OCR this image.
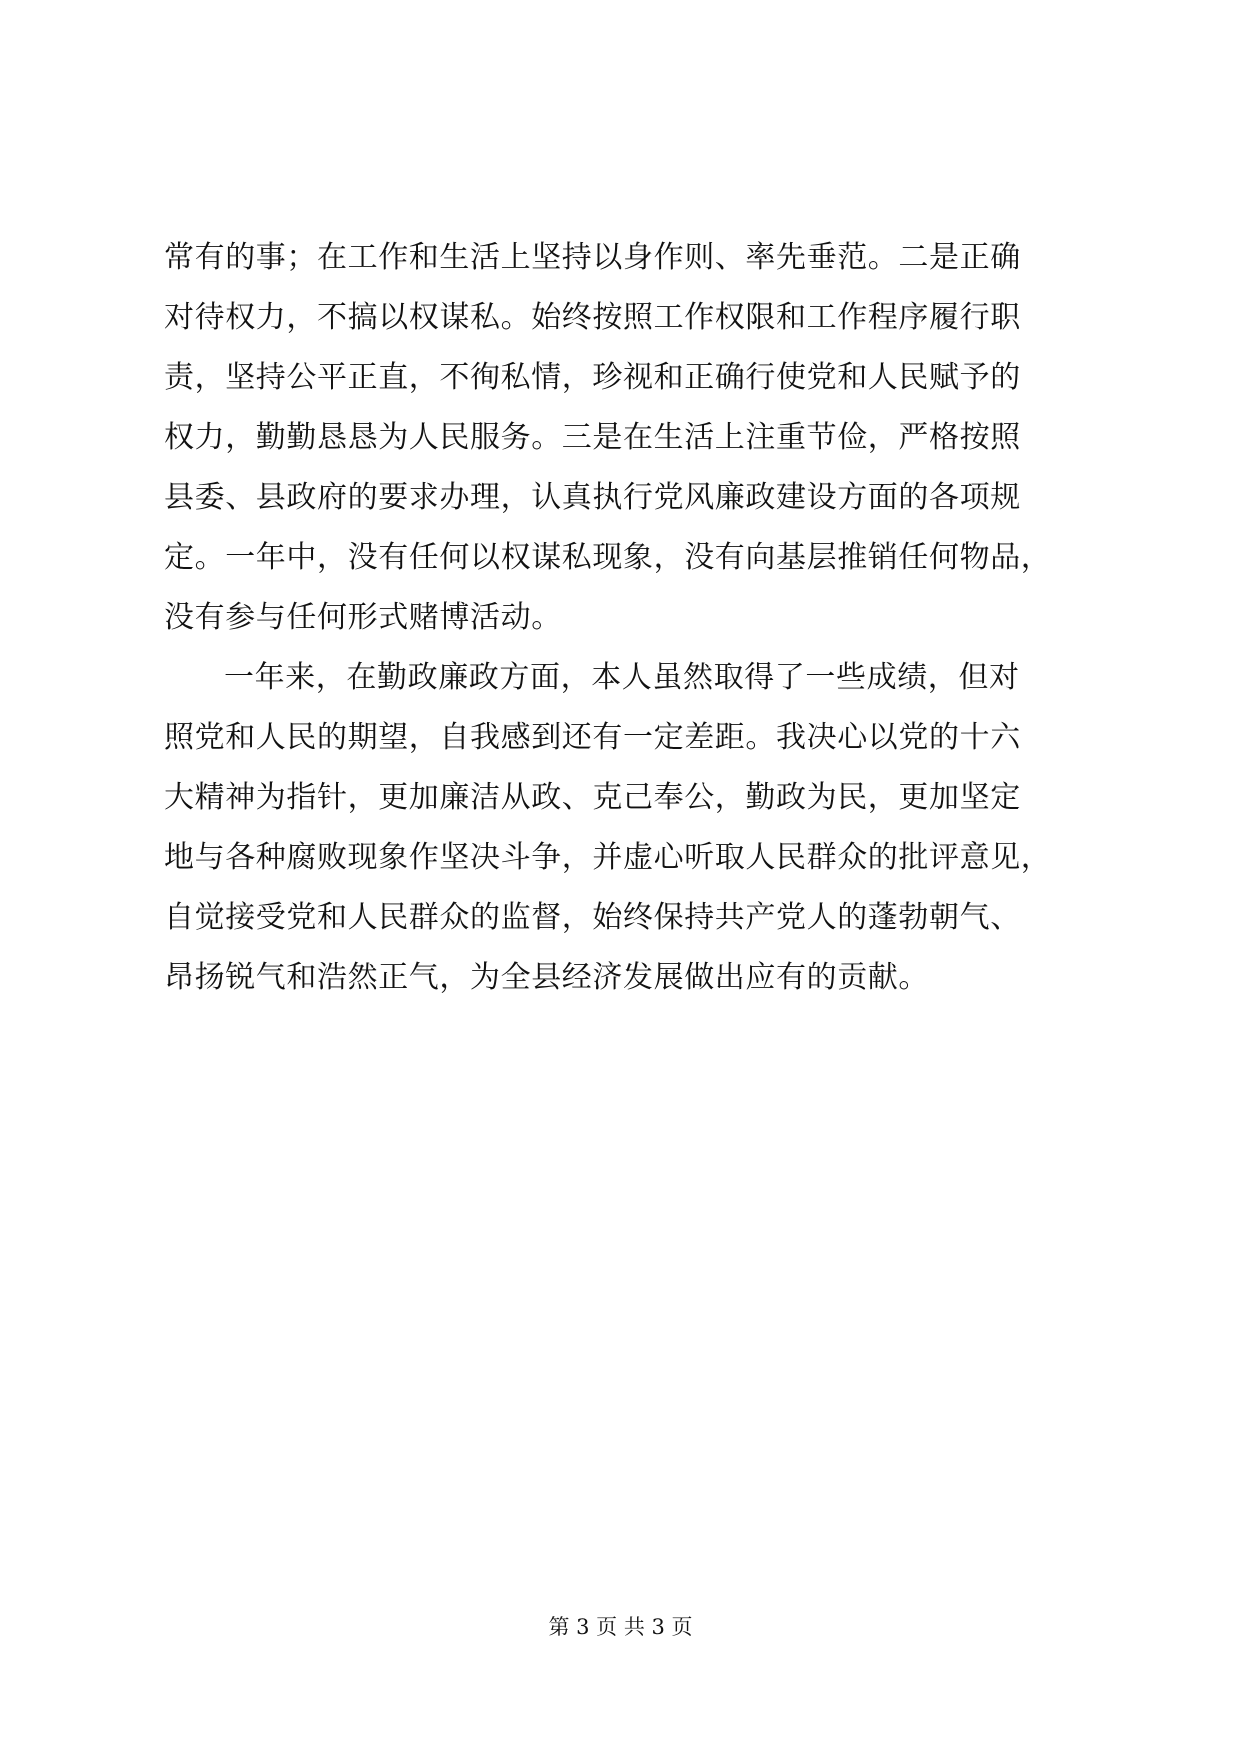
常有的事；在工作和生活上坚持以身作则、率先垂范。二是正确
对待权力，不搞以权谋私。始终按照工作权限和工作程序履行职
责，坚持公平正直，不徇私情，珍视和正确行使党和人民赋予的
权力，勤勤恳恳为人民服务。三是在生活上注重节俭，严格按照
县委、县政府的要求办理，认真执行党风廉政建设方面的各项规
定。一年中，没有任何以权谋私现象，没有向基层推销任何物品，
没有参与任何形式赌博活动。
一年来，在勤政廉政方面，本人虽然取得了一些成绩，但对
照党和人民的期望，自我感到还有一定差距。我决心以党的十六
大精神为指针，更加廉洁从政、克己奉公，勤政为民，更加坚定
地与各种腐败现象作坚决斗争，并虚心听取人民群众的批评意见，
自觉接受党和人民群众的监督，始终保持共产党人的蓬勃朝气、
昂扬锐气和浩然正气，为全县经济发展做出应有的贡献。
第 3 页 共 3 页
